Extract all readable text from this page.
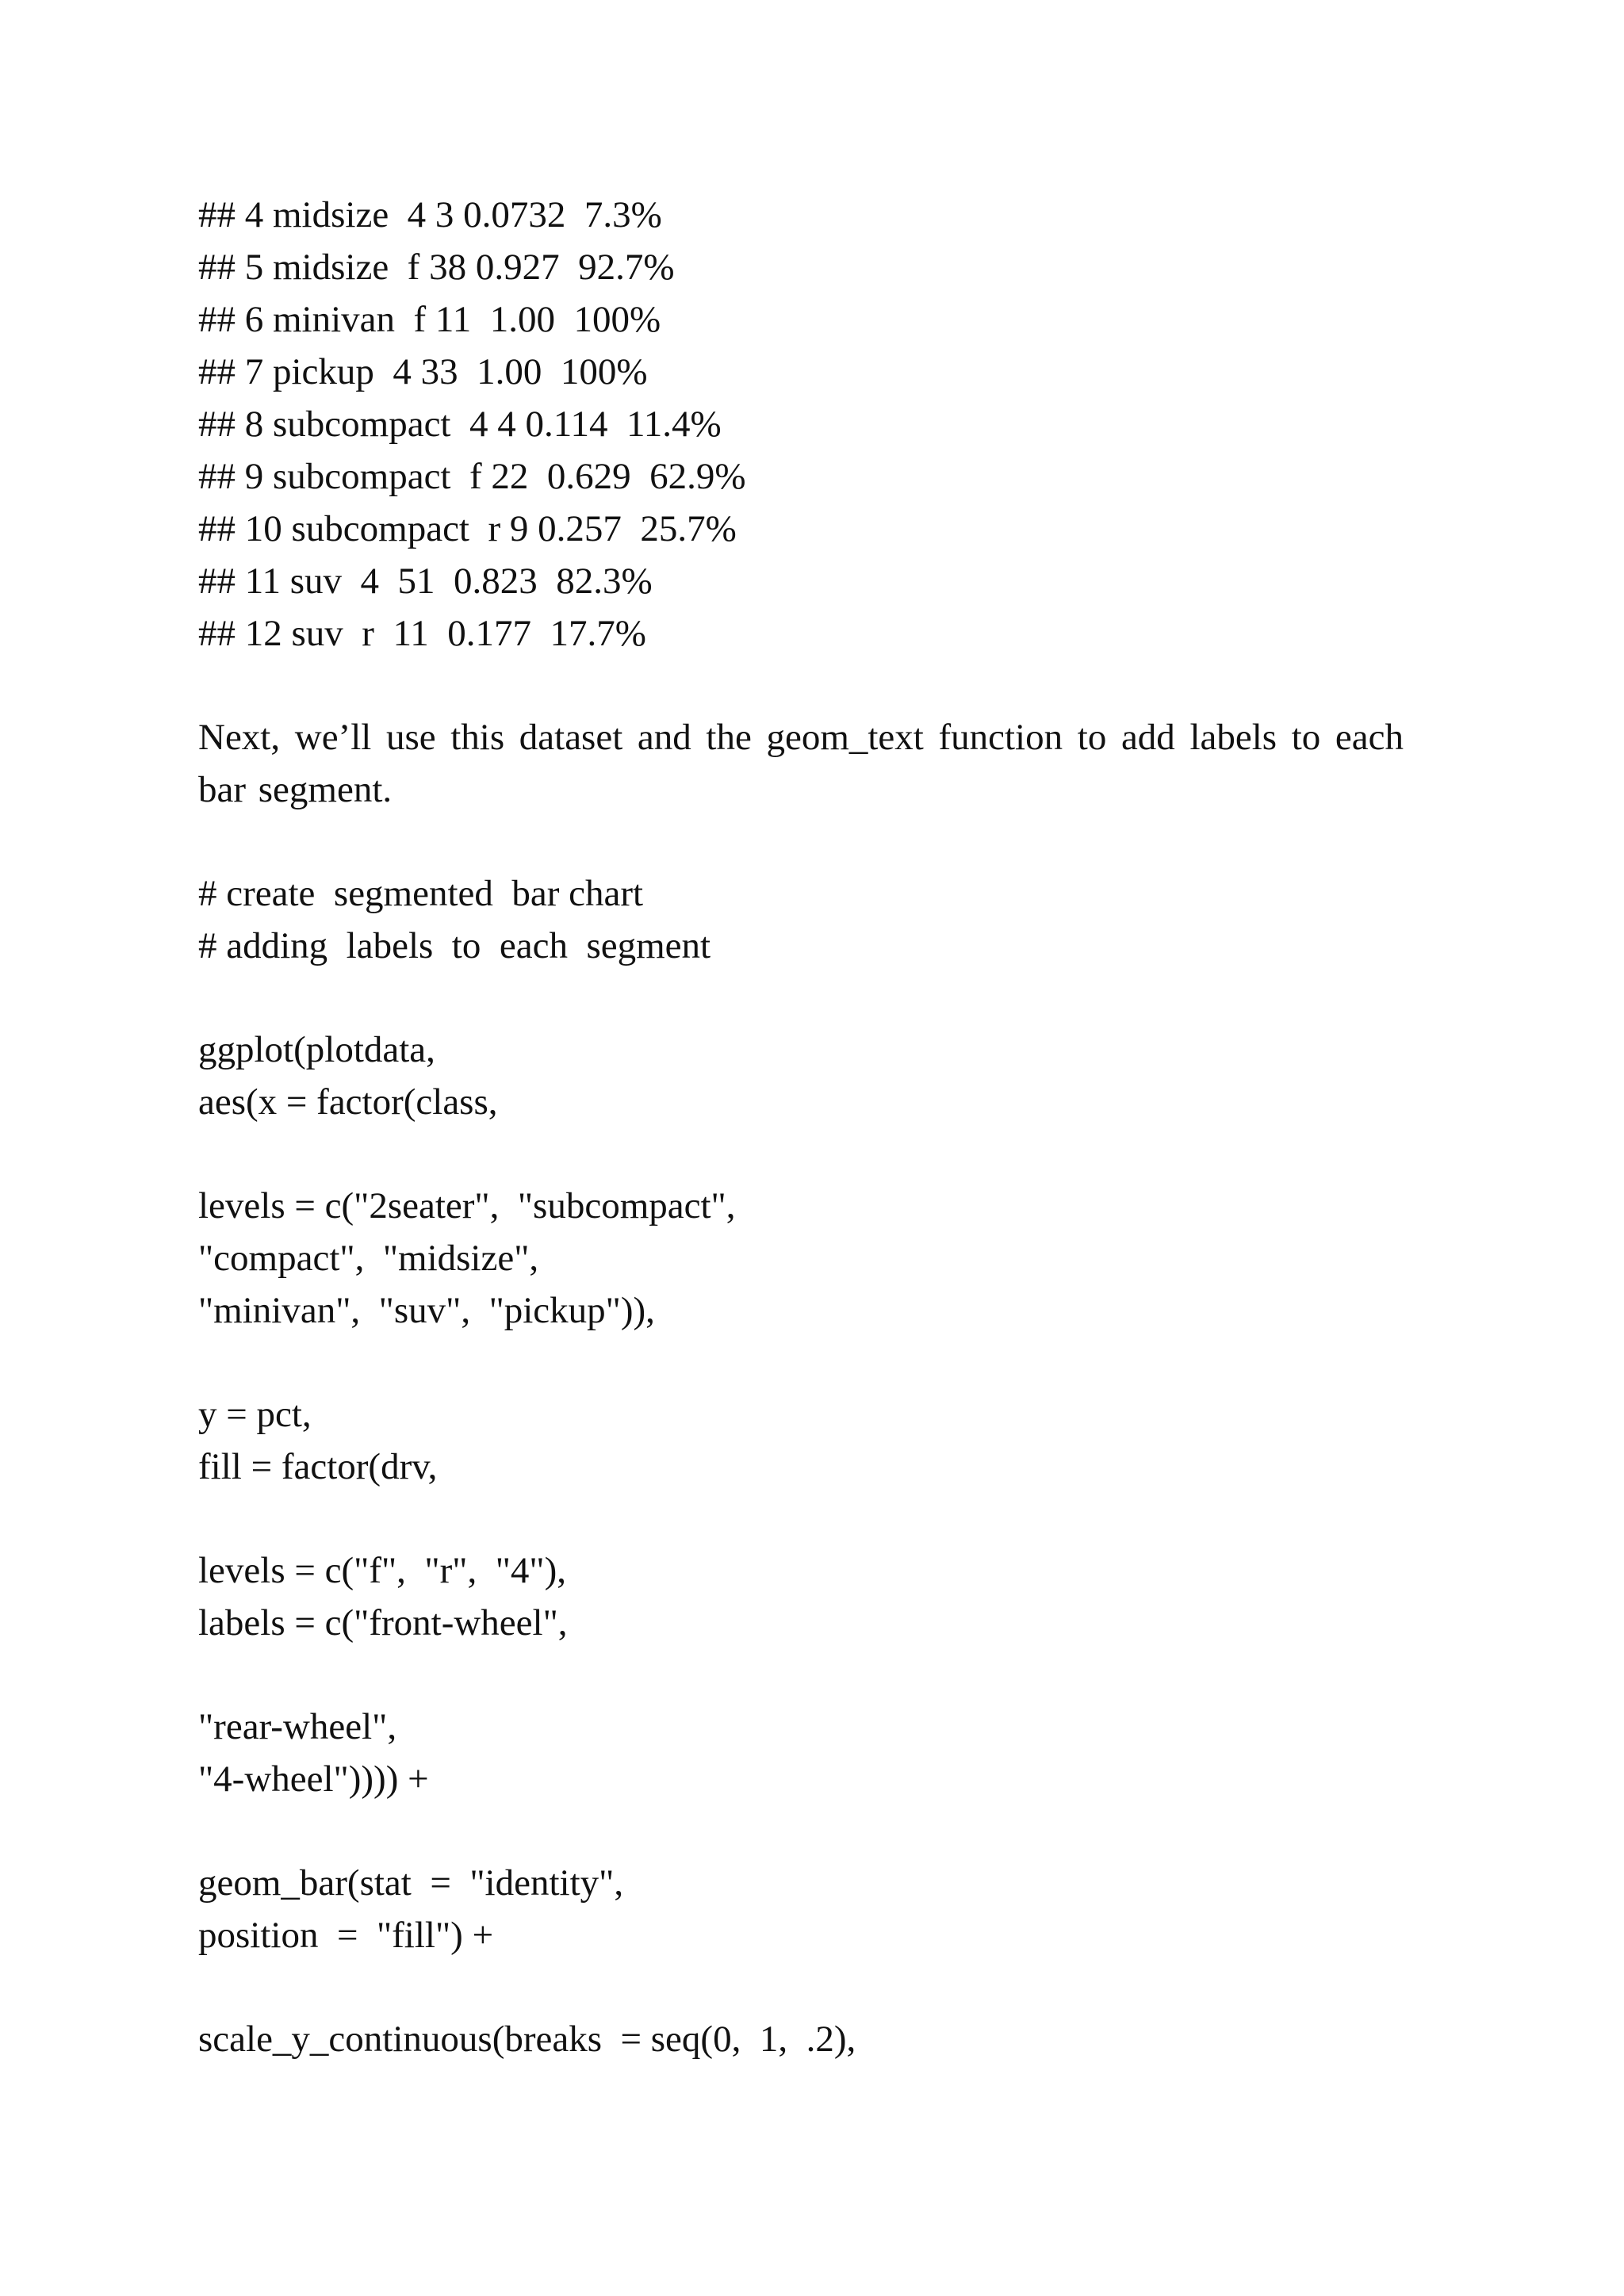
## 4 midsize  4 3 0.0732  7.3%
## 5 midsize  f 38 0.927  92.7%
## 6 minivan  f 11  1.00  100%
## 7 pickup  4 33  1.00  100%
## 8 subcompact  4 4 0.114  11.4%
## 9 subcompact  f 22  0.629  62.9%
## 10 subcompact  r 9 0.257  25.7%
## 11 suv  4  51  0.823  82.3%
## 12 suv  r  11  0.177  17.7%
Next, we’ll use this dataset and the geom_text function to add labels to each bar segment.
# create  segmented  bar chart
# adding  labels  to  each  segment
ggplot(plotdata,
aes(x = factor(class,
levels = c("2seater",  "subcompact",
"compact",  "midsize",
"minivan",  "suv",  "pickup")),
y = pct,
fill = factor(drv,
levels = c("f",  "r",  "4"),
labels = c("front-wheel",
"rear-wheel",
"4-wheel")))) +
geom_bar(stat  =  "identity",
position  =  "fill") +
scale_y_continuous(breaks  = seq(0,  1,  .2),
